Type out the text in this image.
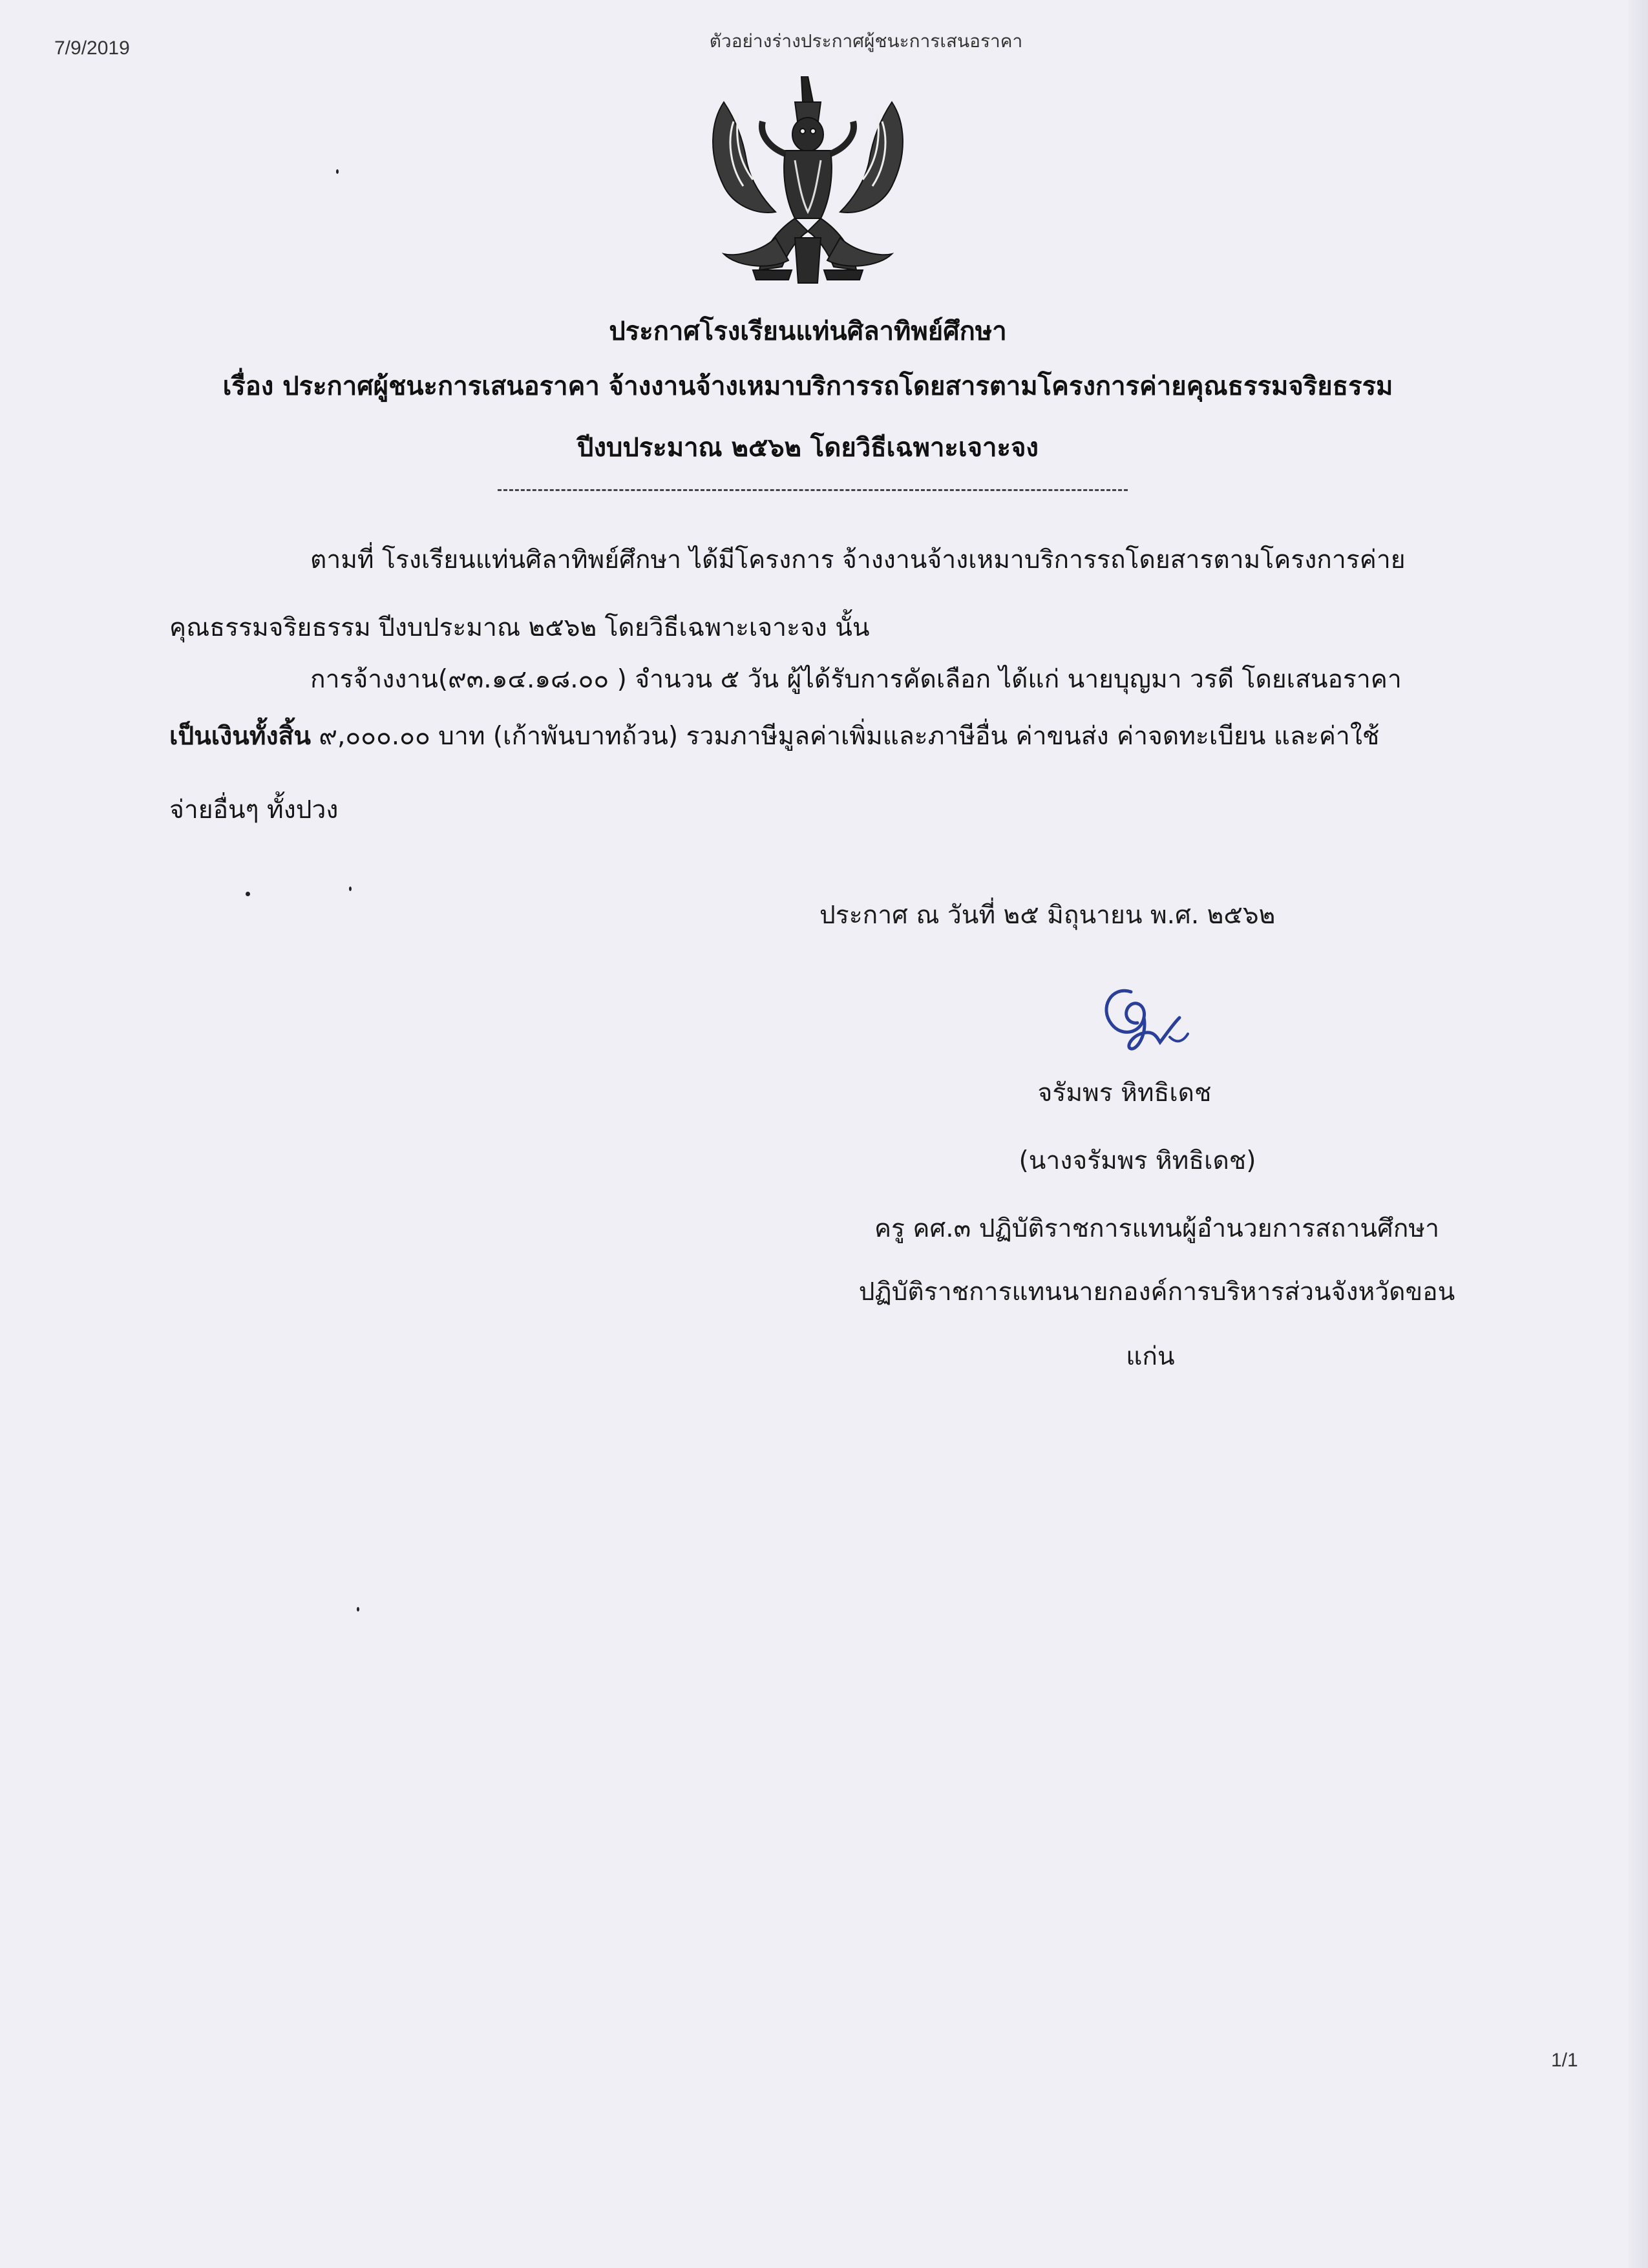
7/9/2019	ตัวอย่างร่างประกาศผู้ชนะการเสนอราคา
ประกาศโรงเรียนแท่นศิลาทิพย์ศึกษา
เรื่อง ประกาศผู้ชนะการเสนอราคา จ้างงานจ้างเหมาบริการรถโดยสารตามโครงการค่ายคุณธรรมจริยธรรม
ปีงบประมาณ ๒๕๖๒ โดยวิธีเฉพาะเจาะจง
ตามที่ โรงเรียนแท่นศิลาทิพย์ศึกษา ได้มีโครงการ จ้างงานจ้างเหมาบริการรถโดยสารตามโครงการค่าย
คุณธรรมจริยธรรม ปีงบประมาณ ๒๕๖๒ โดยวิธีเฉพาะเจาะจง นั้น
การจ้างงาน(๙๓.๑๔.๑๘.๐๐ ) จำนวน ๕ วัน ผู้ได้รับการคัดเลือก ได้แก่ นายบุญมา วรดี โดยเสนอราคา
เป็นเงินทั้งสิ้น ๙,๐๐๐.๐๐ บาท (เก้าพันบาทถ้วน) รวมภาษีมูลค่าเพิ่มและภาษีอื่น ค่าขนส่ง ค่าจดทะเบียน และค่าใช้
จ่ายอื่นๆ ทั้งปวง
ประกาศ ณ วันที่ ๒๕ มิถุนายน พ.ศ. ๒๕๖๒
จรัมพร หิทธิเดช
(นางจรัมพร หิทธิเดช)
ครู คศ.๓ ปฏิบัติราชการแทนผู้อำนวยการสถานศึกษา
ปฏิบัติราชการแทนนายกองค์การบริหารส่วนจังหวัดขอน
แก่น
1/1
